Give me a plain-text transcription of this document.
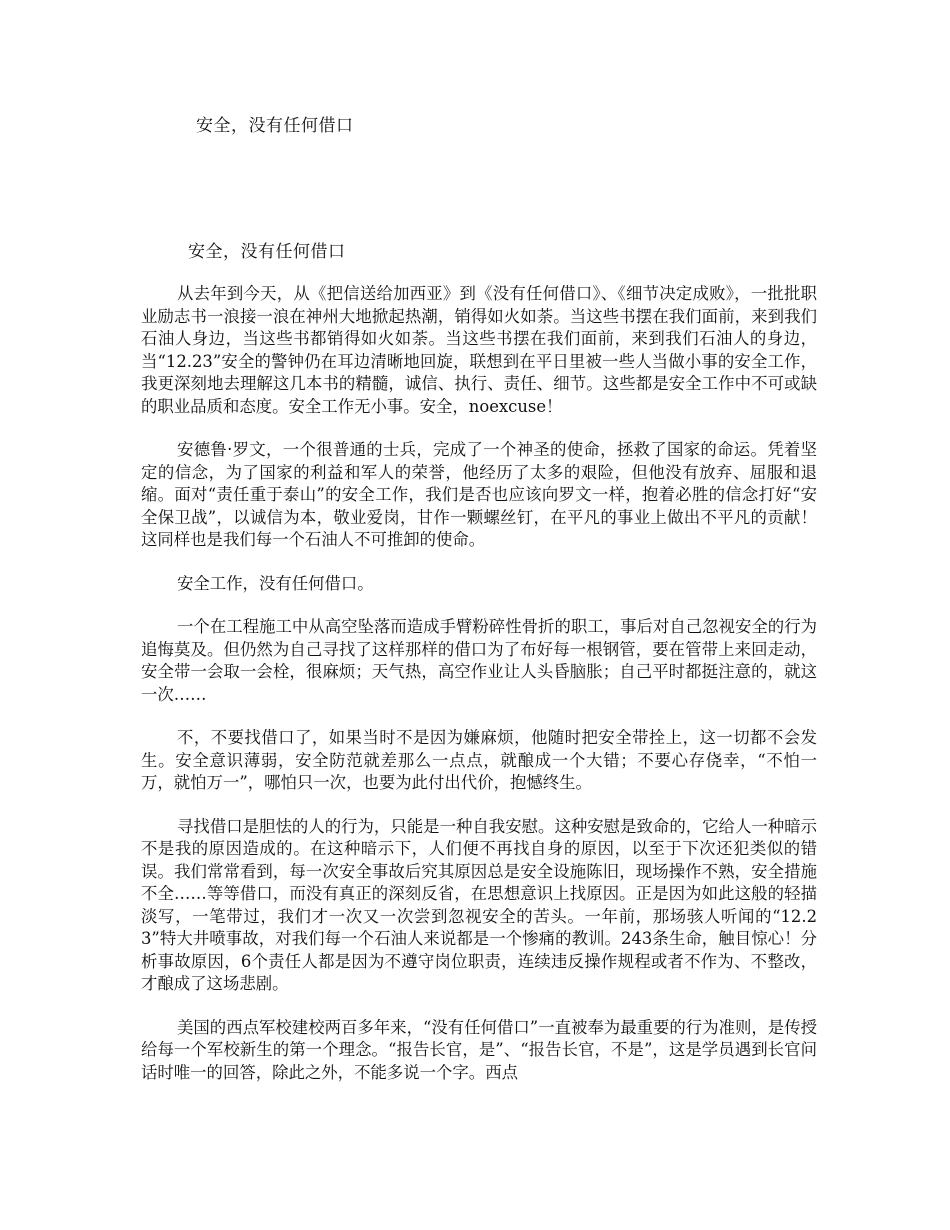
安全，没有任何借口
安全，没有任何借口

从去年到今天，从《把信送给加西亚》到《没有任何借口》、《细节决定成败》，一批批职业励志书一浪接一浪在神州大地掀起热潮，销得如火如荼。当这些书摆在我们面前，来到我们石油人身边，当这些书都销得如火如荼。当这些书摆在我们面前，来到我们石油人的身边，当“12.23”安全的警钟仍在耳边清晰地回旋，联想到在平日里被一些人当做小事的安全工作，我更深刻地去理解这几本书的精髓，诚信、执行、责任、细节。这些都是安全工作中不可或缺的职业品质和态度。安全工作无小事。安全，noexcuse！

安德鲁·罗文，一个很普通的士兵，完成了一个神圣的使命，拯救了国家的命运。凭着坚定的信念，为了国家的利益和军人的荣誉，他经历了太多的艰险，但他没有放弃、屈服和退缩。面对“责任重于泰山”的安全工作，我们是否也应该向罗文一样，抱着必胜的信念打好“安全保卫战”，以诚信为本，敬业爱岗，甘作一颗螺丝钉，在平凡的事业上做出不平凡的贡献！这同样也是我们每一个石油人不可推卸的使命。

安全工作，没有任何借口。

一个在工程施工中从高空坠落而造成手臂粉碎性骨折的职工，事后对自己忽视安全的行为追悔莫及。但仍然为自己寻找了这样那样的借口为了布好每一根钢管，要在管带上来回走动，安全带一会取一会栓，很麻烦；天气热，高空作业让人头昏脑胀；自己平时都挺注意的，就这一次……

不，不要找借口了，如果当时不是因为嫌麻烦，他随时把安全带拴上，这一切都不会发生。安全意识薄弱，安全防范就差那么一点点，就酿成一个大错；不要心存侥幸，“不怕一万，就怕万一”，哪怕只一次，也要为此付出代价，抱憾终生。

寻找借口是胆怯的人的行为，只能是一种自我安慰。这种安慰是致命的，它给人一种暗示不是我的原因造成的。在这种暗示下，人们便不再找自身的原因，以至于下次还犯类似的错误。我们常常看到，每一次安全事故后究其原因总是安全设施陈旧，现场操作不熟，安全措施不全……等等借口，而没有真正的深刻反省，在思想意识上找原因。正是因为如此这般的轻描淡写，一笔带过，我们才一次又一次尝到忽视安全的苦头。一年前，那场骇人听闻的“12.23”特大井喷事故，对我们每一个石油人来说都是一个惨痛的教训。243条生命，触目惊心！分析事故原因，6个责任人都是因为不遵守岗位职责，连续违反操作规程或者不作为、不整改，才酿成了这场悲剧。

美国的西点军校建校两百多年来，“没有任何借口”一直被奉为最重要的行为准则，是传授给每一个军校新生的第一个理念。“报告长官，是”、“报告长官，不是”，这是学员遇到长官问话时唯一的回答，除此之外，不能多说一个字。西点
